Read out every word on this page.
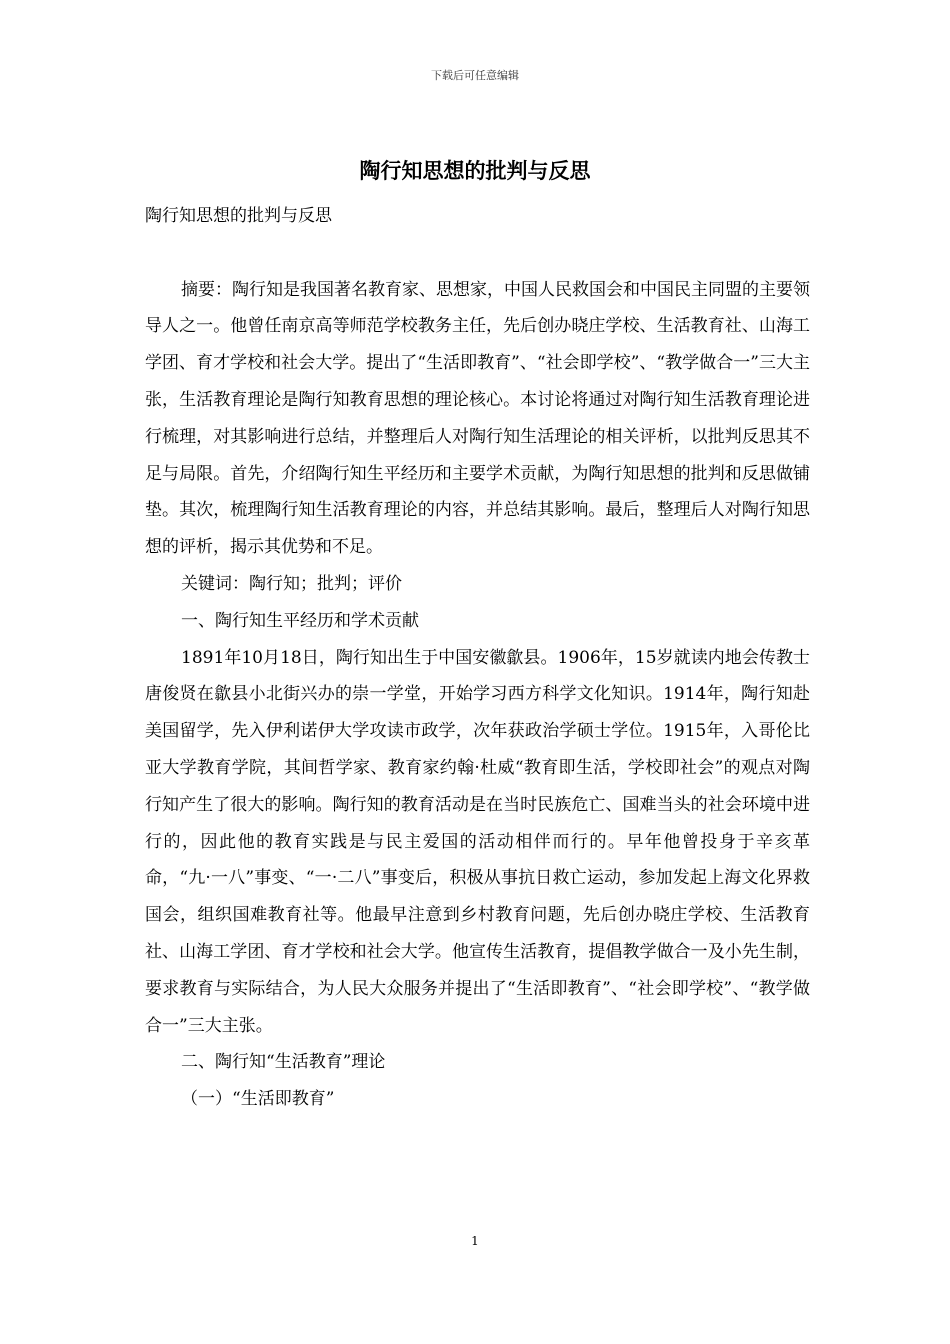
下载后可任意编辑
陶行知思想的批判与反思

陶行知思想的批判与反思

摘要：陶行知是我国著名教育家、思想家，中国人民救国会和中国民主同盟的主要领导人之一。他曾任南京高等师范学校教务主任，先后创办晓庄学校、生活教育社、山海工学团、育才学校和社会大学。提出了“生活即教育”、“社会即学校”、“教学做合一”三大主张，生活教育理论是陶行知教育思想的理论核心。本讨论将通过对陶行知生活教育理论进行梳理，对其影响进行总结，并整理后人对陶行知生活理论的相关评析，以批判反思其不足与局限。首先，介绍陶行知生平经历和主要学术贡献，为陶行知思想的批判和反思做铺垫。其次，梳理陶行知生活教育理论的内容，并总结其影响。最后，整理后人对陶行知思想的评析，揭示其优势和不足。

关键词：陶行知；批判；评价

一、陶行知生平经历和学术贡献

1891年10月18日，陶行知出生于中国安徽歙县。1906年，15岁就读内地会传教士唐俊贤在歙县小北街兴办的崇一学堂，开始学习西方科学文化知识。1914年，陶行知赴美国留学，先入伊利诺伊大学攻读市政学，次年获政治学硕士学位。1915年，入哥伦比亚大学教育学院，其间哲学家、教育家约翰·杜威“教育即生活，学校即社会”的观点对陶行知产生了很大的影响。陶行知的教育活动是在当时民族危亡、国难当头的社会环境中进行的，因此他的教育实践是与民主爱国的活动相伴而行的。早年他曾投身于辛亥革命，“九·一八”事变、“一·二八”事变后，积极从事抗日救亡运动，参加发起上海文化界救国会，组织国难教育社等。他最早注意到乡村教育问题，先后创办晓庄学校、生活教育社、山海工学团、育才学校和社会大学。他宣传生活教育，提倡教学做合一及小先生制，要求教育与实际结合，为人民大众服务并提出了“生活即教育”、“社会即学校”、“教学做合一”三大主张。

二、陶行知“生活教育”理论

（一）“生活即教育”

1
